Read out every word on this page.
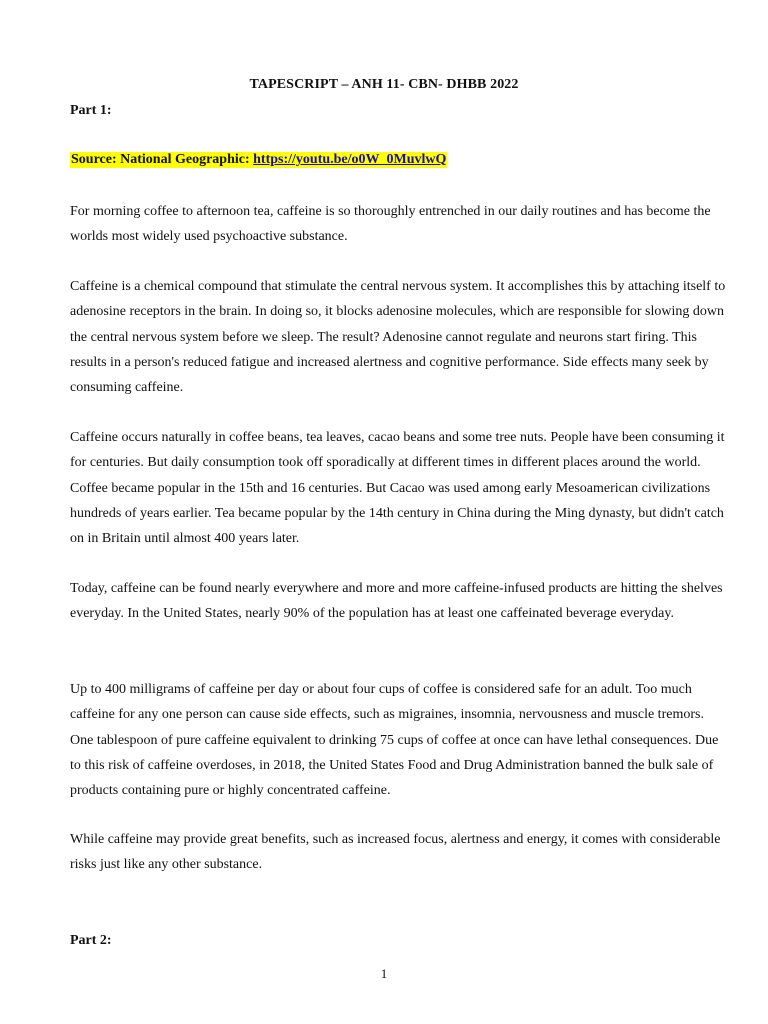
TAPESCRIPT – ANH 11- CBN- DHBB 2022
Part 1:
Source: National Geographic: https://youtu.be/o0W_0MuvlwQ

For morning coffee to afternoon tea, caffeine is so thoroughly entrenched in our daily routines and has become the worlds most widely used psychoactive substance.

Caffeine is a chemical compound that stimulate the central nervous system. It accomplishes this by attaching itself to adenosine receptors in the brain. In doing so, it blocks adenosine molecules, which are responsible for slowing down the central nervous system before we sleep. The result? Adenosine cannot regulate and neurons start firing. This results in a person's reduced fatigue and increased alertness and cognitive performance. Side effects many seek by consuming caffeine.

Caffeine occurs naturally in coffee beans, tea leaves, cacao beans and some tree nuts. People have been consuming it for centuries. But daily consumption took off sporadically at different times in different places around the world. Coffee became popular in the 15th and 16 centuries. But Cacao was used among early Mesoamerican civilizations hundreds of years earlier. Tea became popular by the 14th century in China during the Ming dynasty, but didn't catch on in Britain until almost 400 years later.

Today, caffeine can be found nearly everywhere and more and more caffeine-infused products are hitting the shelves everyday. In the United States, nearly 90% of the population has at least one caffeinated beverage everyday.

Up to 400 milligrams of caffeine per day or about four cups of coffee is considered safe for an adult. Too much caffeine for any one person can cause side effects, such as migraines, insomnia, nervousness and muscle tremors. One tablespoon of pure caffeine equivalent to drinking 75 cups of coffee at once can have lethal consequences. Due to this risk of caffeine overdoses, in 2018, the United States Food and Drug Administration banned the bulk sale of products containing pure or highly concentrated caffeine.

While caffeine may provide great benefits, such as increased focus, alertness and energy, it comes with considerable risks just like any other substance.

Part 2:
1
